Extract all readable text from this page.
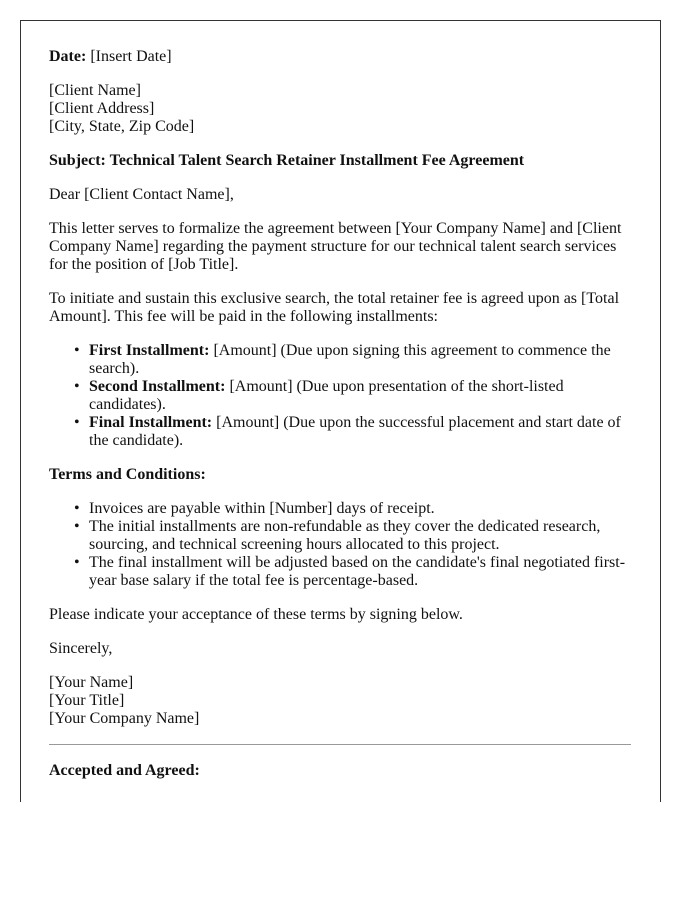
Date: [Insert Date]

[Client Name]
[Client Address]
[City, State, Zip Code]

Subject: Technical Talent Search Retainer Installment Fee Agreement

Dear [Client Contact Name],

This letter serves to formalize the agreement between [Your Company Name] and [Client Company Name] regarding the payment structure for our technical talent search services for the position of [Job Title].

To initiate and sustain this exclusive search, the total retainer fee is agreed upon as [Total Amount]. This fee will be paid in the following installments:

• First Installment: [Amount] (Due upon signing this agreement to commence the search).
• Second Installment: [Amount] (Due upon presentation of the short-listed candidates).
• Final Installment: [Amount] (Due upon the successful placement and start date of the candidate).

Terms and Conditions:

• Invoices are payable within [Number] days of receipt.
• The initial installments are non-refundable as they cover the dedicated research, sourcing, and technical screening hours allocated to this project.
• The final installment will be adjusted based on the candidate's final negotiated first-year base salary if the total fee is percentage-based.

Please indicate your acceptance of these terms by signing below.

Sincerely,

[Your Name]
[Your Title]
[Your Company Name]

Accepted and Agreed:
